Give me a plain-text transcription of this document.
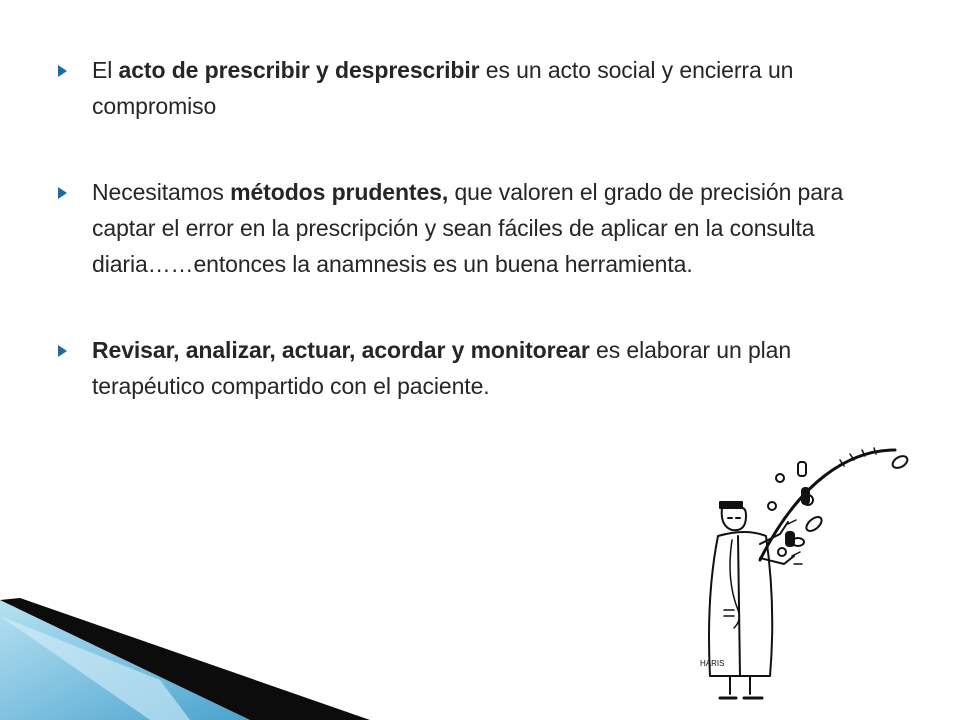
El acto de prescribir y desprescribir es un acto social y encierra un compromiso
Necesitamos métodos prudentes, que valoren el grado de precisión para captar el error en la prescripción y sean fáciles de aplicar en la consulta diaria……entonces la anamnesis es un buena herramienta.
Revisar, analizar, actuar, acordar y monitorear es elaborar un plan terapéutico compartido con el paciente.
HARIS
